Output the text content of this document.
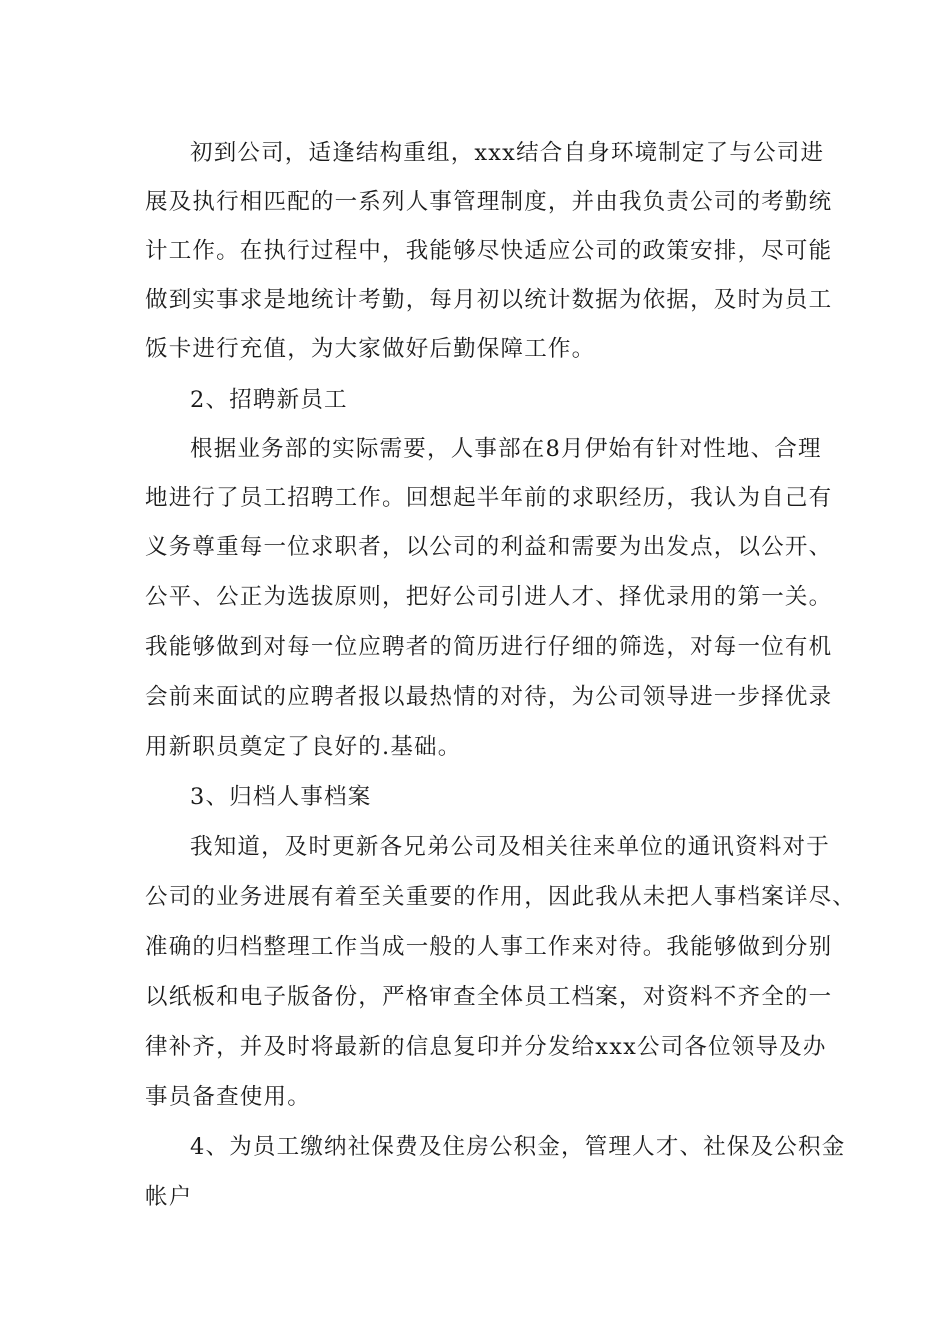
初到公司，适逢结构重组，xxx结合自身环境制定了与公司进
展及执行相匹配的一系列人事管理制度，并由我负责公司的考勤统
计工作。在执行过程中，我能够尽快适应公司的政策安排，尽可能
做到实事求是地统计考勤，每月初以统计数据为依据，及时为员工
饭卡进行充值，为大家做好后勤保障工作。
2、招聘新员工
根据业务部的实际需要，人事部在8月伊始有针对性地、合理
地进行了员工招聘工作。回想起半年前的求职经历，我认为自己有
义务尊重每一位求职者，以公司的利益和需要为出发点，以公开、
公平、公正为选拔原则，把好公司引进人才、择优录用的第一关。
我能够做到对每一位应聘者的简历进行仔细的筛选，对每一位有机
会前来面试的应聘者报以最热情的对待，为公司领导进一步择优录
用新职员奠定了良好的.基础。
3、归档人事档案
我知道，及时更新各兄弟公司及相关往来单位的通讯资料对于
公司的业务进展有着至关重要的作用，因此我从未把人事档案详尽、
准确的归档整理工作当成一般的人事工作来对待。我能够做到分别
以纸板和电子版备份，严格审查全体员工档案，对资料不齐全的一
律补齐，并及时将最新的信息复印并分发给xxx公司各位领导及办
事员备查使用。
4、为员工缴纳社保费及住房公积金，管理人才、社保及公积金
帐户
